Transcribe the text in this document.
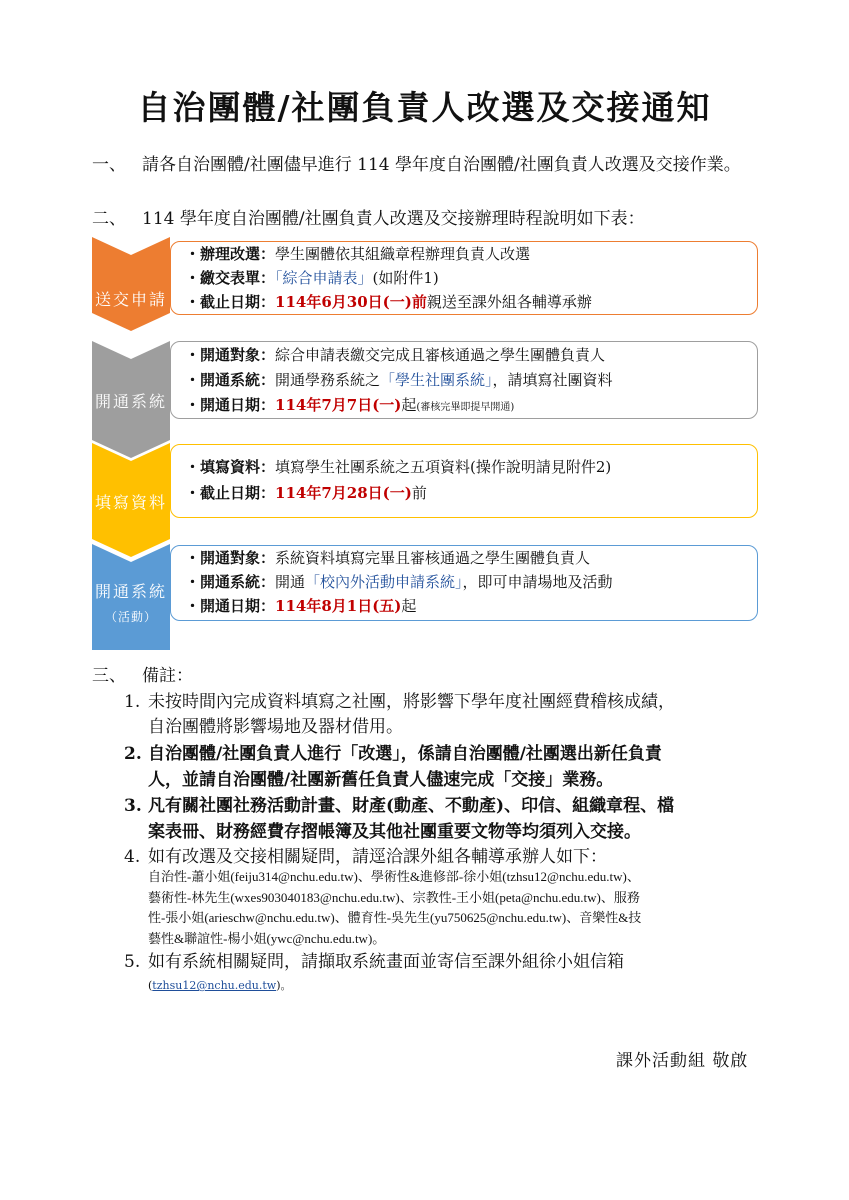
自治團體/社團負責人改選及交接通知
一、 請各自治團體/社團儘早進行 114 學年度自治團體/社團負責人改選及交接作業。
二、 114 學年度自治團體/社團負責人改選及交接辦理時程說明如下表：
送交申請
・辦理改選：學生團體依其組織章程辦理負責人改選
・繳交表單：「綜合申請表」(如附件1)
・截止日期：114年6月30日(一)前親送至課外組各輔導承辦
開通系統
・開通對象：綜合申請表繳交完成且審核通過之學生團體負責人
・開通系統：開通學務系統之「學生社團系統」，請填寫社團資料
・開通日期：114年7月7日(一)起(審核完畢即提早開通)
填寫資料
・填寫資料：填寫學生社團系統之五項資料(操作說明請見附件2)
・截止日期：114年7月28日(一)前
開通系統
（活動）
・開通對象：系統資料填寫完畢且審核通過之學生團體負責人
・開通系統：開通「校內外活動申請系統」，即可申請場地及活動
・開通日期：114年8月1日(五)起
三、 備註：
1. 未按時間內完成資料填寫之社團，將影響下學年度社團經費稽核成績，
自治團體將影響場地及器材借用。
2. 自治團體/社團負責人進行「改選」，係請自治團體/社團選出新任負責
人，並請自治團體/社團新舊任負責人儘速完成「交接」業務。
3. 凡有關社團社務活動計畫、財產(動產、不動產)、印信、組織章程、檔
案表冊、財務經費存摺帳簿及其他社團重要文物等均須列入交接。
4. 如有改選及交接相關疑問，請逕洽課外組各輔導承辦人如下：
自治性-蕭小姐(feiju314@nchu.edu.tw)、學術性&進修部-徐小姐(tzhsu12@nchu.edu.tw)、
藝術性-林先生(wxes903040183@nchu.edu.tw)、宗教性-王小姐(peta@nchu.edu.tw)、服務
性-張小姐(arieschw@nchu.edu.tw)、體育性-吳先生(yu750625@nchu.edu.tw)、音樂性&技
藝性&聯誼性-楊小姐(ywc@nchu.edu.tw)。
5. 如有系統相關疑問，請擷取系統畫面並寄信至課外組徐小姐信箱
(tzhsu12@nchu.edu.tw)。
課外活動組 敬啟
